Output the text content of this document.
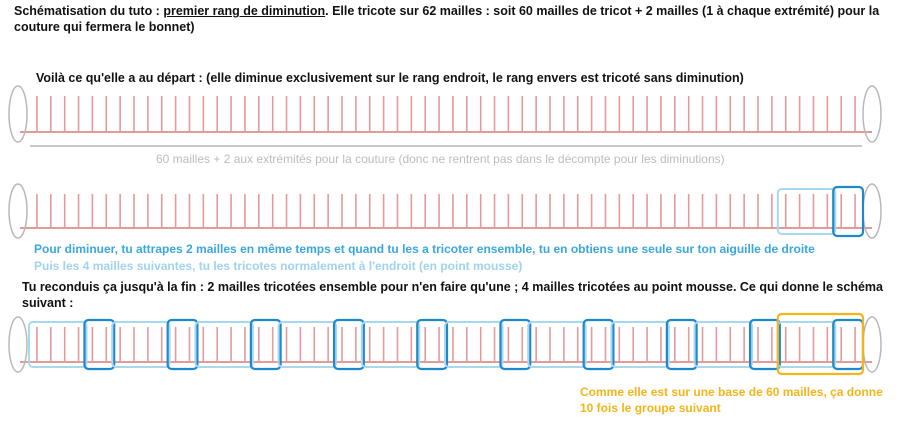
Schématisation du tuto : premier rang de diminution. Elle tricote sur 62 mailles : soit 60 mailles de tricot + 2 mailles (1 à chaque extrémité) pour la couture qui fermera le bonnet)
Voilà ce qu'elle a au départ : (elle diminue exclusivement sur le rang endroit, le rang envers est tricoté sans diminution)
60 mailles + 2 aux extrémités pour la couture (donc ne rentrent pas dans le décompte pour les diminutions)
Pour diminuer, tu attrapes 2 mailles en même temps et quand tu les a tricoter ensemble, tu en obtiens une seule sur ton aiguille de droite
Puis les 4 mailles suivantes, tu les tricotes normalement à l'endroit (en point mousse)
Tu reconduis ça jusqu'à la fin : 2 mailles tricotées ensemble pour n'en faire qu'une ; 4 mailles tricotées au point mousse. Ce qui donne le schéma
suivant :
Comme elle est sur une base de 60 mailles, ça donne
10 fois le groupe suivant
